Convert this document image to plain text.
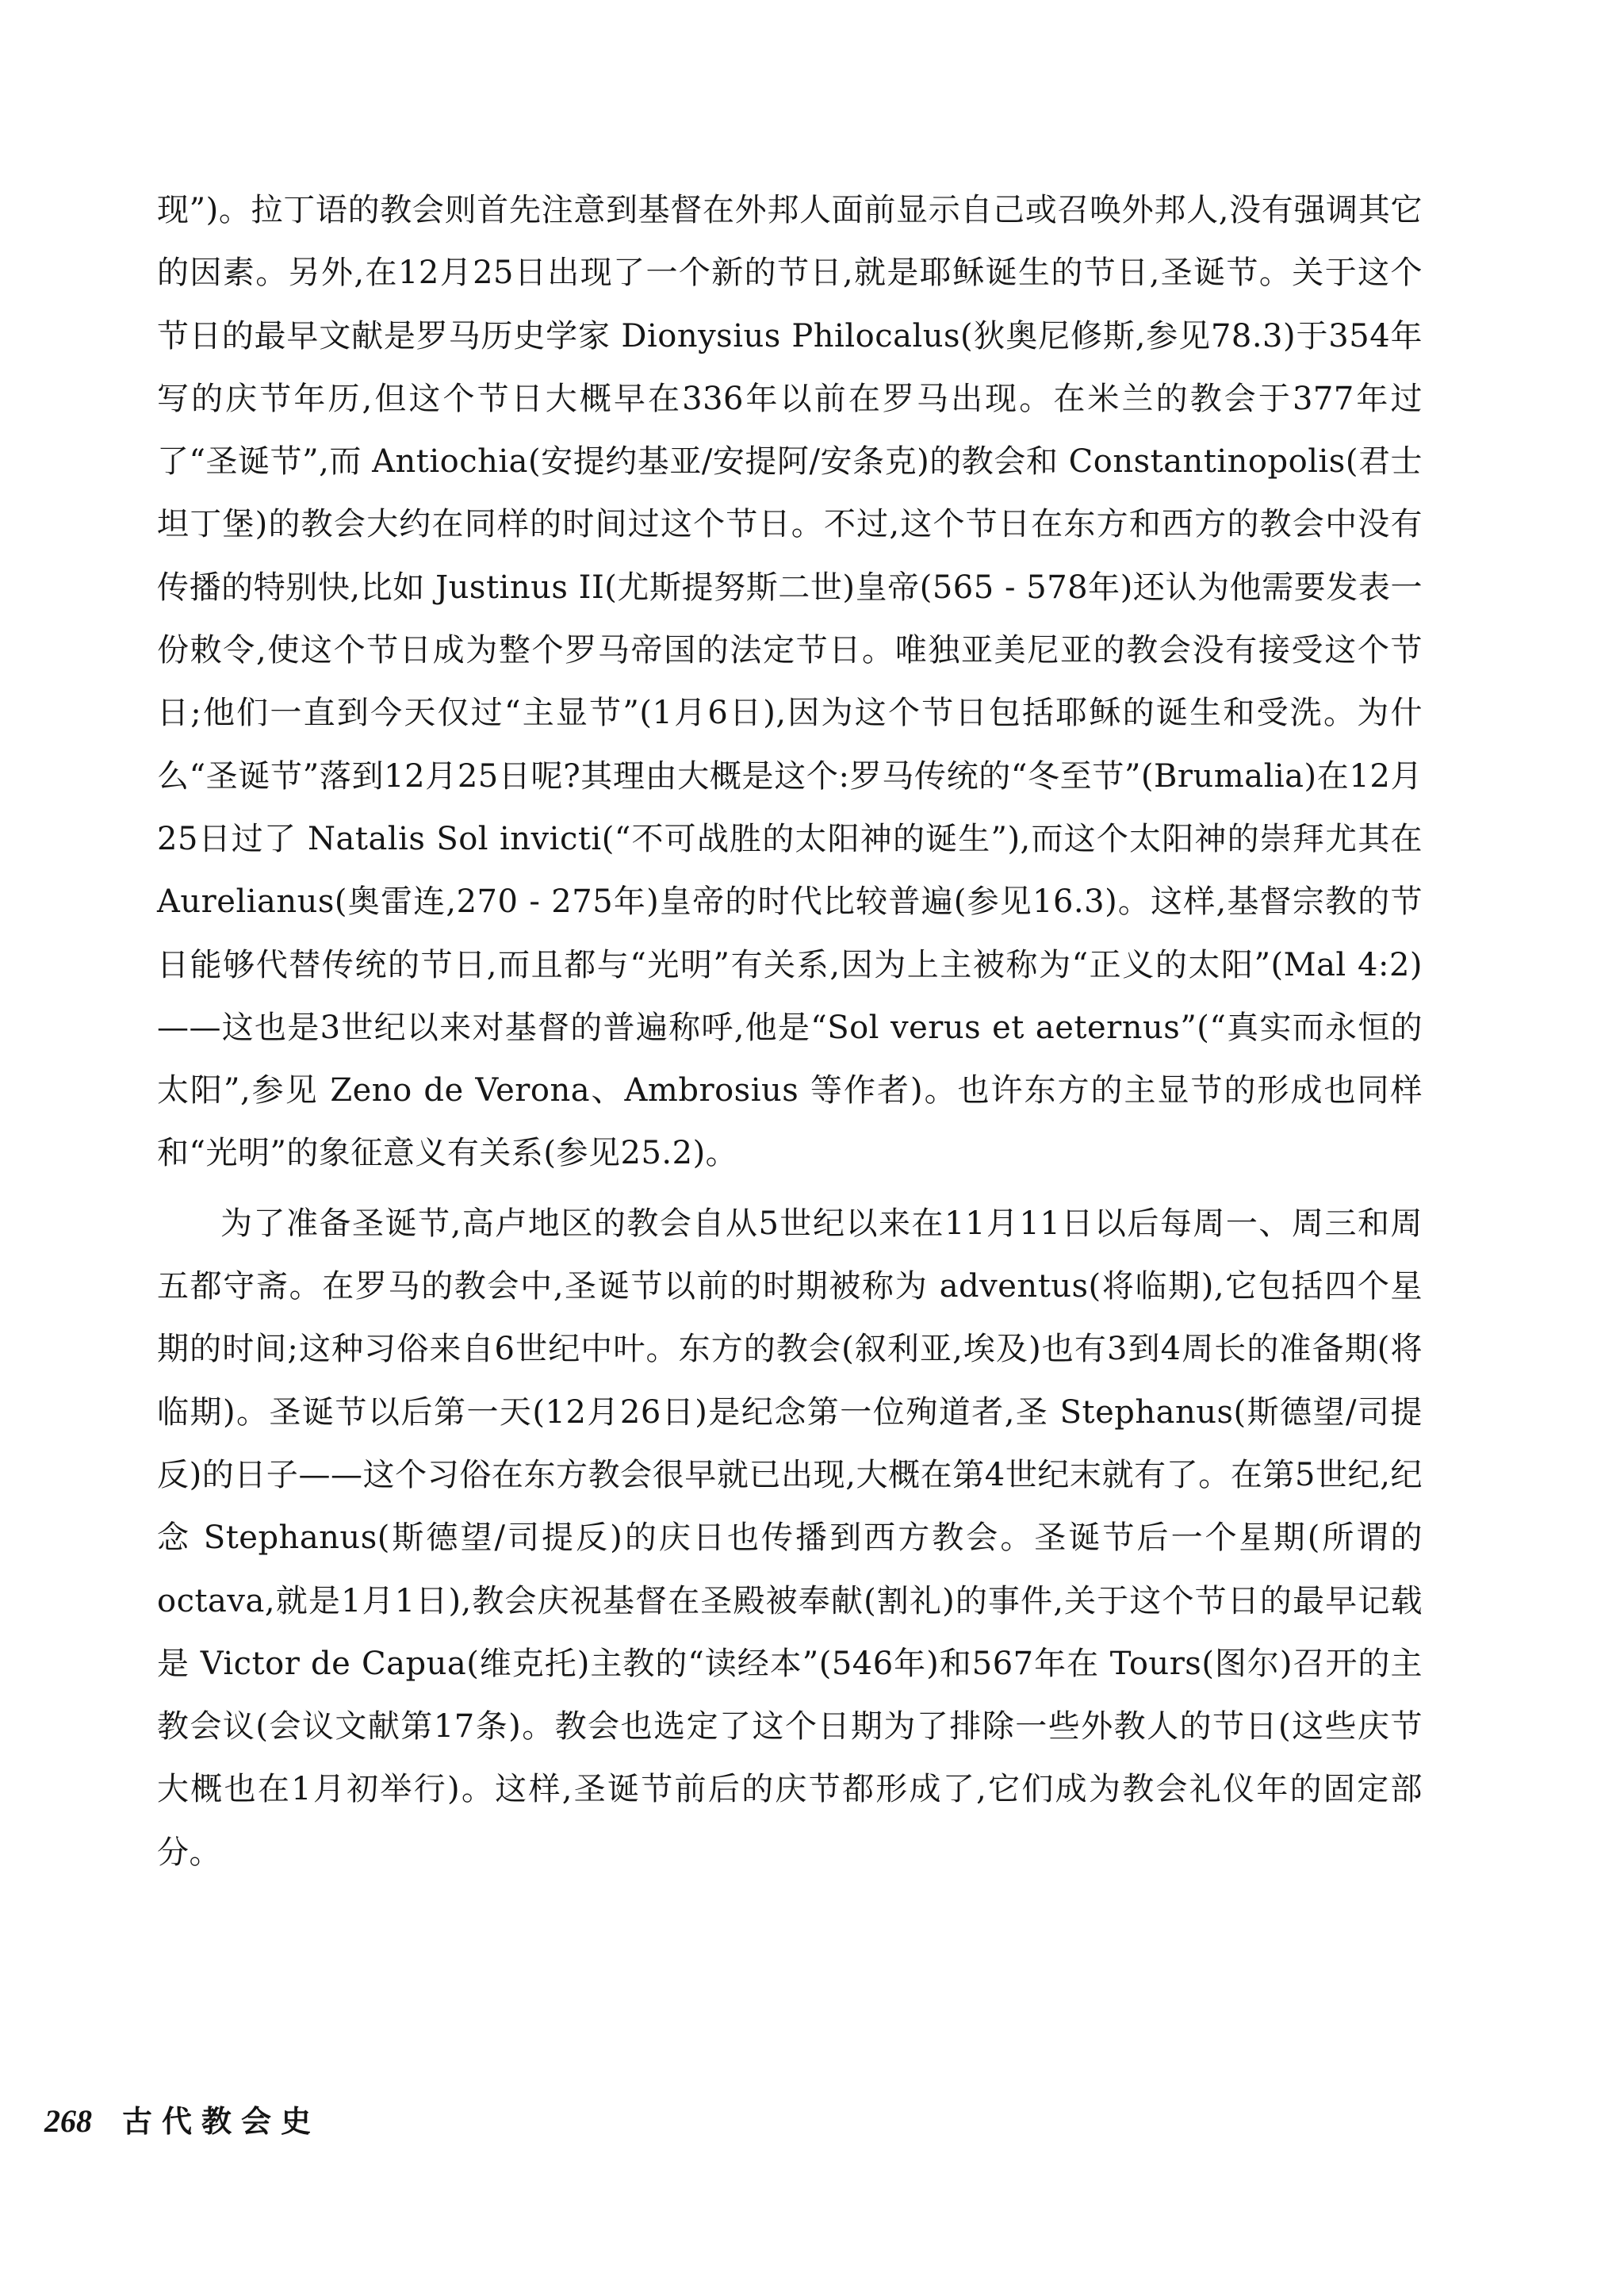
现”)。拉丁语的教会则首先注意到基督在外邦人面前显示自己或召唤外邦人,没有强调其它的因素。另外,在12月25日出现了一个新的节日,就是耶稣诞生的节日,圣诞节。关于这个节日的最早文献是罗马历史学家 Dionysius Philocalus(狄奥尼修斯,参见78.3)于354年写的庆节年历,但这个节日大概早在336年以前在罗马出现。在米兰的教会于377年过了“圣诞节”,而 Antiochia(安提约基亚/安提阿/安条克)的教会和 Constantinopolis(君士坦丁堡)的教会大约在同样的时间过这个节日。不过,这个节日在东方和西方的教会中没有传播的特别快,比如 Justinus II(尤斯提努斯二世)皇帝(565 - 578年)还认为他需要发表一份敕令,使这个节日成为整个罗马帝国的法定节日。唯独亚美尼亚的教会没有接受这个节日;他们一直到今天仅过“主显节”(1月6日),因为这个节日包括耶稣的诞生和受洗。为什么“圣诞节”落到12月25日呢?其理由大概是这个:罗马传统的“冬至节”(Brumalia)在12月25日过了 Natalis Sol invicti(“不可战胜的太阳神的诞生”),而这个太阳神的崇拜尤其在 Aurelianus(奥雷连,270 - 275年)皇帝的时代比较普遍(参见16.3)。这样,基督宗教的节日能够代替传统的节日,而且都与“光明”有关系,因为上主被称为“正义的太阳”(Mal 4:2)——这也是3世纪以来对基督的普遍称呼,他是“Sol verus et aeternus”(“真实而永恒的太阳”,参见 Zeno de Verona、Ambrosius 等作者)。也许东方的主显节的形成也同样和“光明”的象征意义有关系(参见25.2)。

为了准备圣诞节,高卢地区的教会自从5世纪以来在11月11日以后每周一、周三和周五都守斋。在罗马的教会中,圣诞节以前的时期被称为 adventus(将临期),它包括四个星期的时间;这种习俗来自6世纪中叶。东方的教会(叙利亚,埃及)也有3到4周长的准备期(将临期)。圣诞节以后第一天(12月26日)是纪念第一位殉道者,圣 Stephanus(斯德望/司提反)的日子——这个习俗在东方教会很早就已出现,大概在第4世纪末就有了。在第5世纪,纪念 Stephanus(斯德望/司提反)的庆日也传播到西方教会。圣诞节后一个星期(所谓的 octava,就是1月1日),教会庆祝基督在圣殿被奉献(割礼)的事件,关于这个节日的最早记载是 Victor de Capua(维克托)主教的“读经本”(546年)和567年在 Tours(图尔)召开的主教会议(会议文献第17条)。教会也选定了这个日期为了排除一些外教人的节日(这些庆节大概也在1月初举行)。这样,圣诞节前后的庆节都形成了,它们成为教会礼仪年的固定部分。

268 古代教会史
